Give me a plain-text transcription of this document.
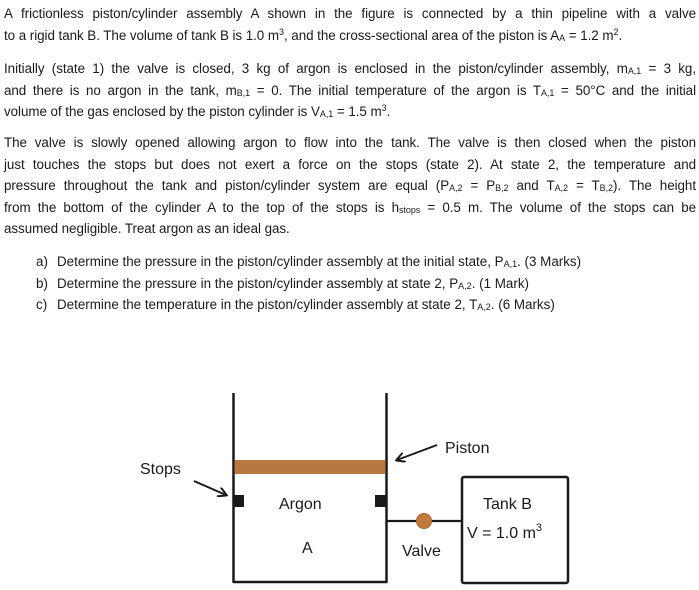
A frictionless piston/cylinder assembly A shown in the figure is connected by a thin pipeline with a valve
to a rigid tank B. The volume of tank B is 1.0 $m^3$, and the cross-sectional area of the piston is $A_A = 1.2$ $m^2$.
Initially (state 1) the valve is closed, 3 kg of argon is enclosed in the piston/cylinder assembly, $m_{A,1} = 3$ kg,
and there is no argon in the tank, $m_{B,1} = 0$. The initial temperature of the argon is $T_{A,1} = 50^\circ C$ and the initial
volume of the gas enclosed by the piston cylinder is $V_{A,1} = 1.5$ $m^3$.
The valve is slowly opened allowing argon to flow into the tank. The valve is then closed when the piston
just touches the stops but does not exert a force on the stops (state 2). At state 2, the temperature and
pressure throughout the tank and piston/cylinder system are equal ($P_{A,2} = P_{B,2}$ and $T_{A,2} = T_{B,2}$). The height
from the bottom of the cylinder A to the top of the stops is $h_{stops} = 0.5$ m. The volume of the stops can be
assumed negligible. Treat argon as an ideal gas.
a) Determine the pressure in the piston/cylinder assembly at the initial state, $P_{A,1}$. (3 Marks)
b) Determine the pressure in the piston/cylinder assembly at state 2, $P_{A,2}$. (1 Mark)
c) Determine the temperature in the piston/cylinder assembly at state 2, $T_{A,2}$. (6 Marks)
Stops
Piston
Argon
A	Valve
Tank B
V = 1.0 $m^3$
